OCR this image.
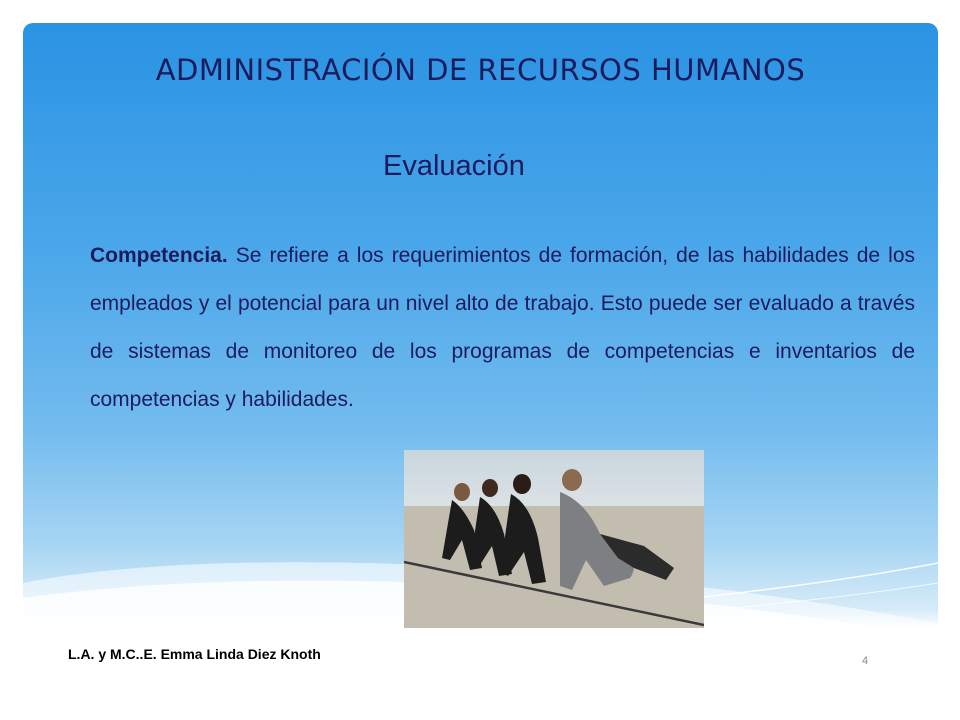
ADMINISTRACIÓN DE RECURSOS HUMANOS
Evaluación

Competencia. Se refiere a los requerimientos de formación, de las habilidades de los empleados y el potencial para un nivel alto de trabajo. Esto puede ser evaluado a través de sistemas de monitoreo de los programas de competencias e inventarios de competencias y habilidades.

L.A. y M.C..E. Emma Linda Diez Knoth	4
